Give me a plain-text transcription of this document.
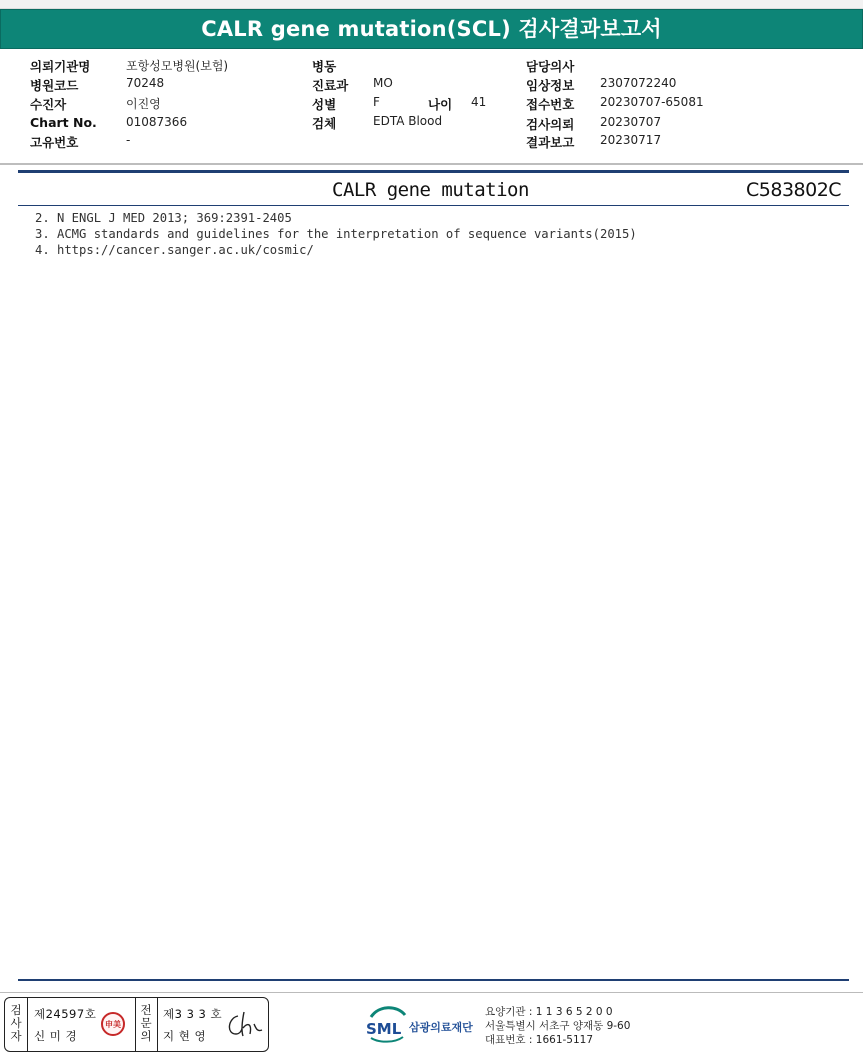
CALR gene mutation(SCL) 검사결과보고서
의뢰기관명	포항성모병원(보험)
병원코드	70248
수진자	이진영
Chart No. 01087366
고유번호	-
병동
진료과 MO
성별	F	나이 41
검체	EDTA Blood
담당의사
임상정보 2307072240
접수번호 20230707-65081
검사의뢰 20230707
결과보고 20230717
CALR gene mutation	C583802C
2. N ENGL J MED 2013; 369:2391-2405
3. ACMG standards and guidelines for the interpretation of sequence variants(2015)
4. https://cancer.sanger.ac.uk/cosmic/
검사자
제24597호
신 미 경
申美
전문의
제3 3 3 호
지 현 영	SML 삼광의료재단
요양기관 : 1 1 3 6 5 2 0 0
서울특별시 서초구 양재동 9-60
대표번호 : 1661-5117
